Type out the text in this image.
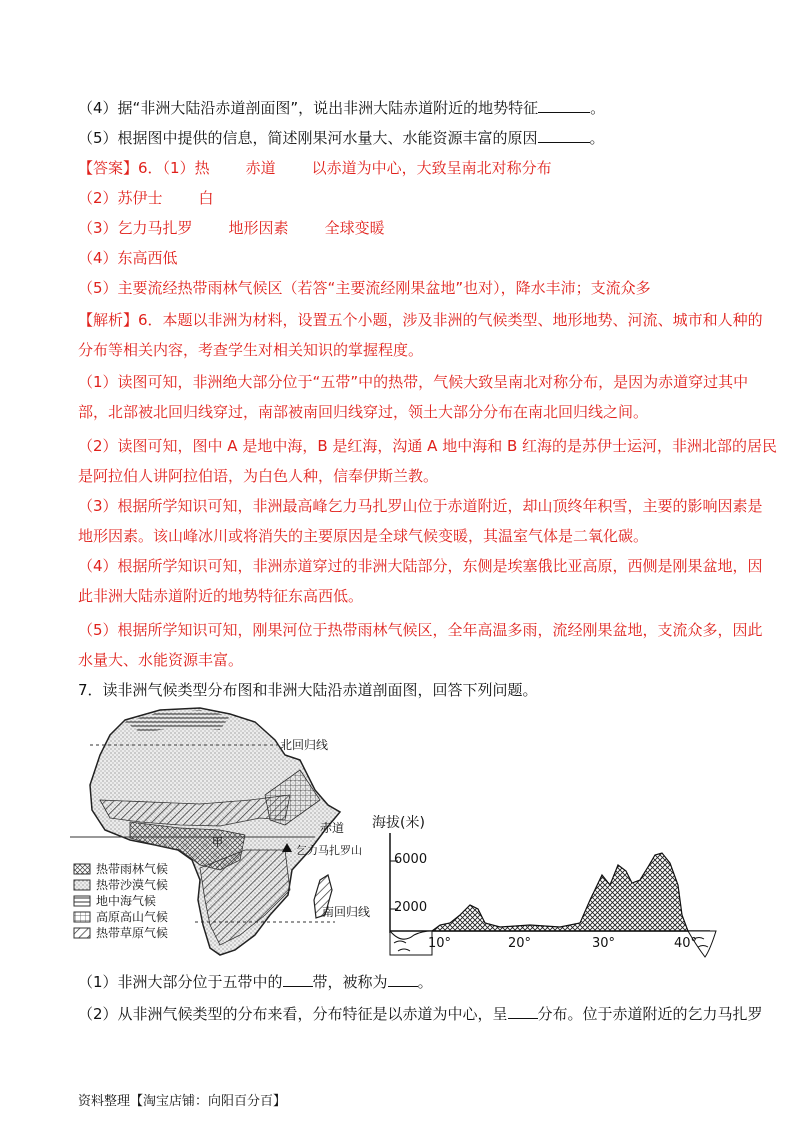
（4）据“非洲大陆沿赤道剖面图”，说出非洲大陆赤道附近的地势特征	。
（5）根据图中提供的信息，简述刚果河水量大、水能资源丰富的原因	。
【答案】6．（1）热 赤道 以赤道为中心，大致呈南北对称分布
（2）苏伊士 白
（3）乞力马扎罗 地形因素 全球变暖
（4）东高西低
（5）主要流经热带雨林气候区（若答“主要流经刚果盆地”也对），降水丰沛；支流众多
【解析】6．本题以非洲为材料，设置五个小题，涉及非洲的气候类型、地形地势、河流、城市和人种的
分布等相关内容，考查学生对相关知识的掌握程度。
（1）读图可知，非洲绝大部分位于“五带”中的热带，气候大致呈南北对称分布，是因为赤道穿过其中
部，北部被北回归线穿过，南部被南回归线穿过，领土大部分分布在南北回归线之间。
（2）读图可知，图中 A 是地中海，B 是红海，沟通 A 地中海和 B 红海的是苏伊士运河，非洲北部的居民
是阿拉伯人讲阿拉伯语，为白色人种，信奉伊斯兰教。
（3）根据所学知识可知，非洲最高峰乞力马扎罗山位于赤道附近，却山顶终年积雪，主要的影响因素是
地形因素。该山峰冰川或将消失的主要原因是全球气候变暖，其温室气体是二氧化碳。
（4）根据所学知识可知，非洲赤道穿过的非洲大陆部分，东侧是埃塞俄比亚高原，西侧是刚果盆地，因
此非洲大陆赤道附近的地势特征东高西低。
（5）根据所学知识可知，刚果河位于热带雨林气候区，全年高温多雨，流经刚果盆地，支流众多，因此
水量大、水能资源丰富。
7．读非洲气候类型分布图和非洲大陆沿赤道剖面图，回答下列问题。
北回归线
赤道
甲
乞力马扎罗山
南回归线
热带雨林气候
热带沙漠气候
地中海气候
高原高山气候
热带草原气候
海拔(米)
6000
2000
10°	20°	30°	40°
（1）非洲大部分位于五带中的 带，被称为 。
（2）从非洲气候类型的分布来看，分布特征是以赤道为中心，呈 分布。位于赤道附近的乞力马扎罗
资料整理【淘宝店铺：向阳百分百】
